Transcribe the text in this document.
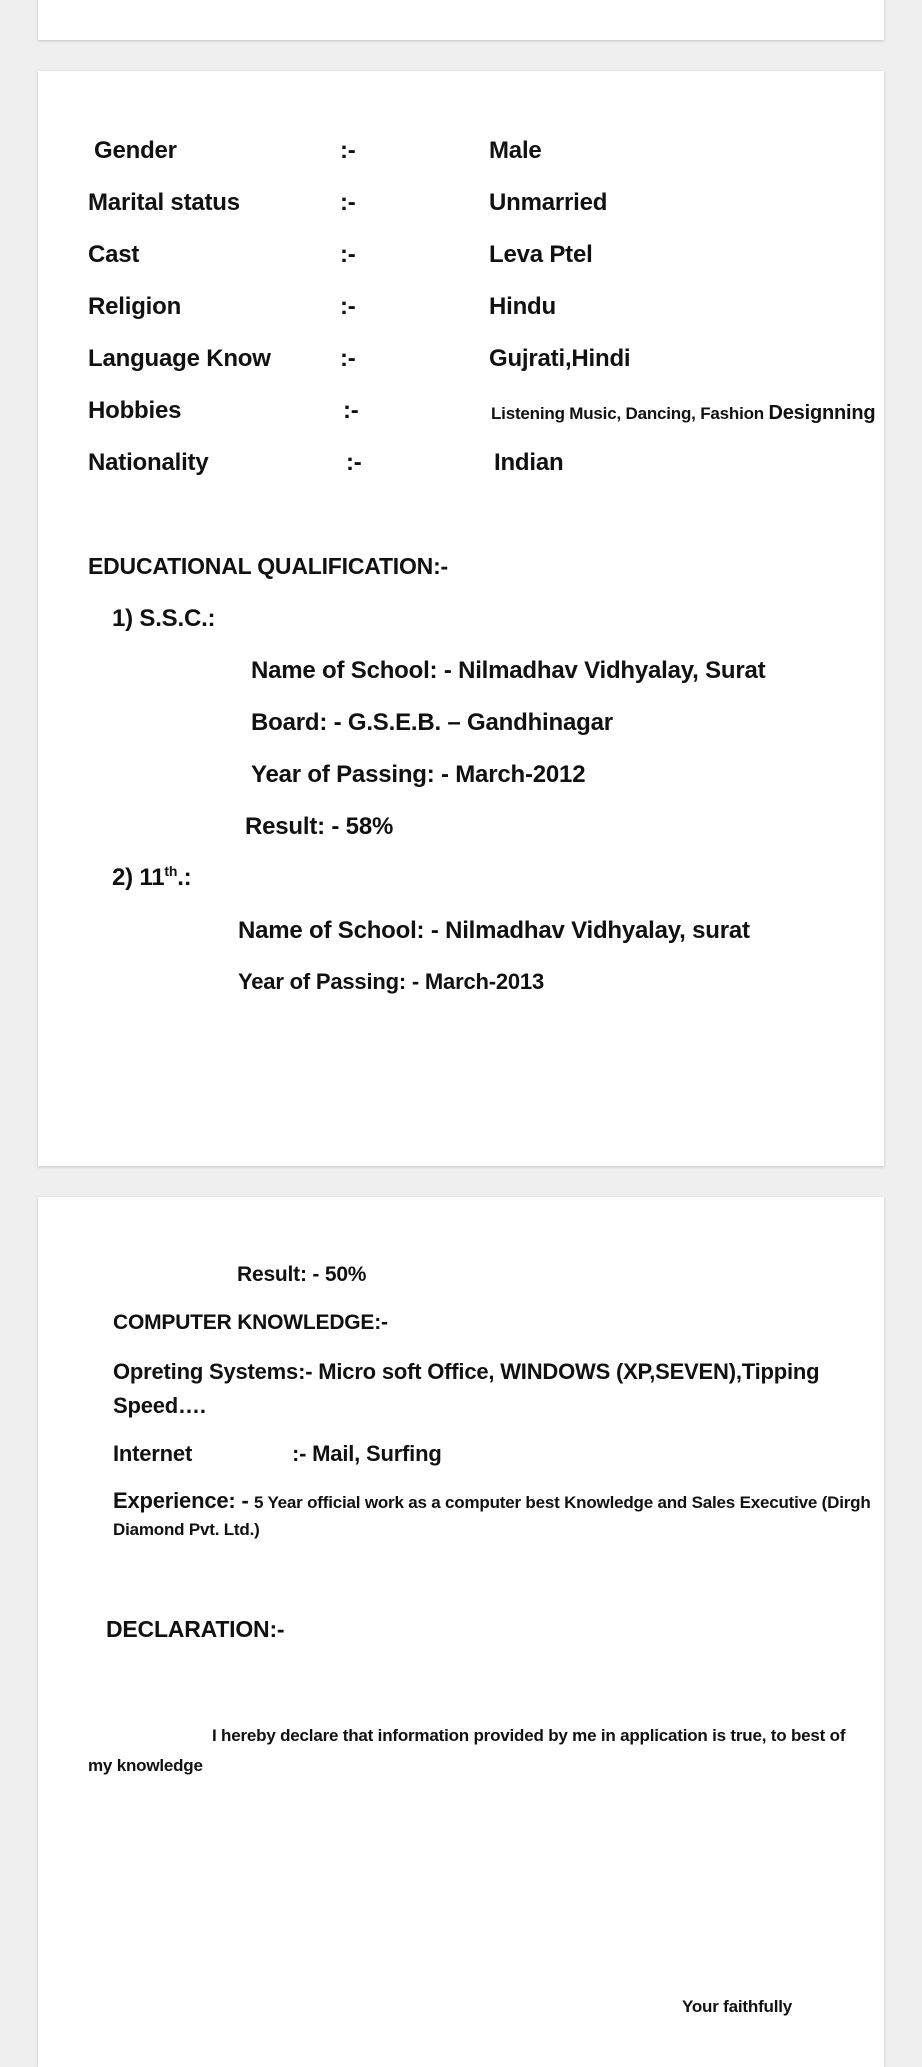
Gender	:-	Male
Marital status	:-	Unmarried
Cast	:-	Leva Ptel
Religion	:-	Hindu
Language Know	:-	Gujrati,Hindi
Hobbies	:-	Listening Music, Dancing, Fashion Designning
Nationality	:-	Indian
EDUCATIONAL QUALIFICATION:-
1) S.S.C.:
Name of School: - Nilmadhav Vidhyalay, Surat
Board: - G.S.E.B. – Gandhinagar
Year of Passing: - March-2012
Result: - 58%
2) 11th.:
Name of School: - Nilmadhav Vidhyalay, surat
Year of Passing: - March-2013
Result: - 50%
COMPUTER KNOWLEDGE:-
Opreting Systems:- Micro soft Office, WINDOWS (XP,SEVEN),Tipping
Speed….
Internet	:- Mail, Surfing
Experience: - 5 Year official work as a computer best Knowledge and Sales Executive (Dirgh
Diamond Pvt. Ltd.)
DECLARATION:-
I hereby declare that information provided by me in application is true, to best of
my knowledge
Your faithfully
